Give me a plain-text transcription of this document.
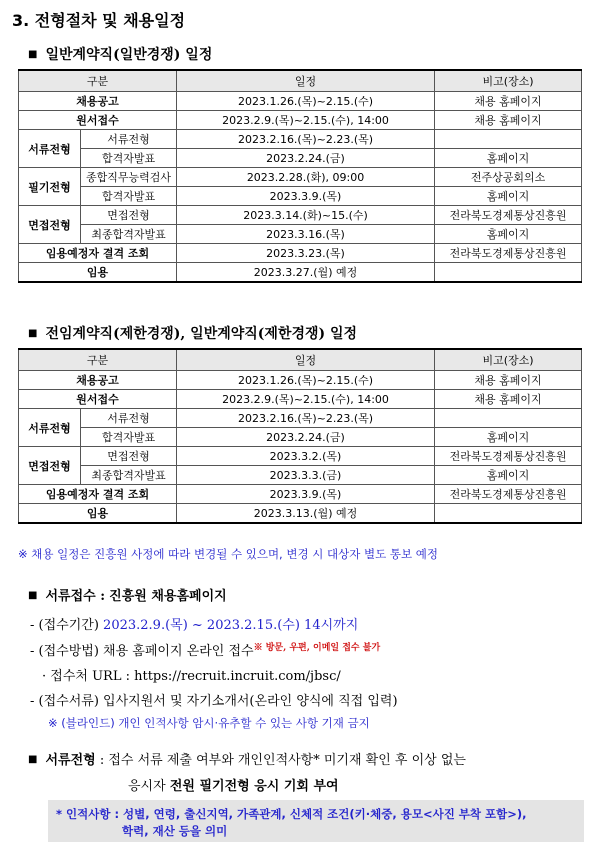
3. 전형절차 및 채용일정
■ 일반계약직(일반경쟁) 일정
구분		일정	비고(장소)
채용공고		2023.1.26.(목)~2.15.(수)	채용 홈페이지
원서접수		2023.2.9.(목)~2.15.(수), 14:00	채용 홈페이지
서류전형	서류전형	2023.2.16.(목)~2.23.(목)	
	합격자발표	2023.2.24.(금)	홈페이지
필기전형	종합직무능력검사	2023.2.28.(화), 09:00	전주상공회의소
	합격자발표	2023.3.9.(목)	홈페이지
면접전형	면접전형	2023.3.14.(화)~15.(수)	전라북도경제통상진흥원
	최종합격자발표	2023.3.16.(목)	홈페이지
임용예정자 결격 조회		2023.3.23.(목)	전라북도경제통상진흥원
임용		2023.3.27.(월) 예정	
■ 전임계약직(제한경쟁), 일반계약직(제한경쟁) 일정
구분		일정	비고(장소)
채용공고		2023.1.26.(목)~2.15.(수)	채용 홈페이지
원서접수		2023.2.9.(목)~2.15.(수), 14:00	채용 홈페이지
서류전형	서류전형	2023.2.16.(목)~2.23.(목)	
	합격자발표	2023.2.24.(금)	홈페이지
면접전형	면접전형	2023.3.2.(목)	전라북도경제통상진흥원
	최종합격자발표	2023.3.3.(금)	홈페이지
임용예정자 결격 조회		2023.3.9.(목)	전라북도경제통상진흥원
임용		2023.3.13.(월) 예정	
※ 채용 일정은 진흥원 사정에 따라 변경될 수 있으며, 변경 시 대상자 별도 통보 예정
■ 서류접수 : 진흥원 채용홈페이지
- (접수기간) 2023.2.9.(목) ~ 2023.2.15.(수) 14시까지
- (접수방법) 채용 홈페이지 온라인 접수$^{※ 방문, 우편, 이메일 접수 불가}$
· 접수처 URL : https://recruit.incruit.com/jbsc/
- (접수서류) 입사지원서 및 자기소개서(온라인 양식에 직접 입력)
※ (블라인드) 개인 인적사항 암시·유추할 수 있는 사항 기재 금지
■ 서류전형 : 접수 서류 제출 여부와 개인인적사항* 미기재 확인 후 이상 없는
응시자 전원 필기전형 응시 기회 부여
* 인적사항 : 성별, 연령, 출신지역, 가족관계, 신체적 조건(키·체중, 용모<사진 부착 포함>),
학력, 재산 등을 의미
